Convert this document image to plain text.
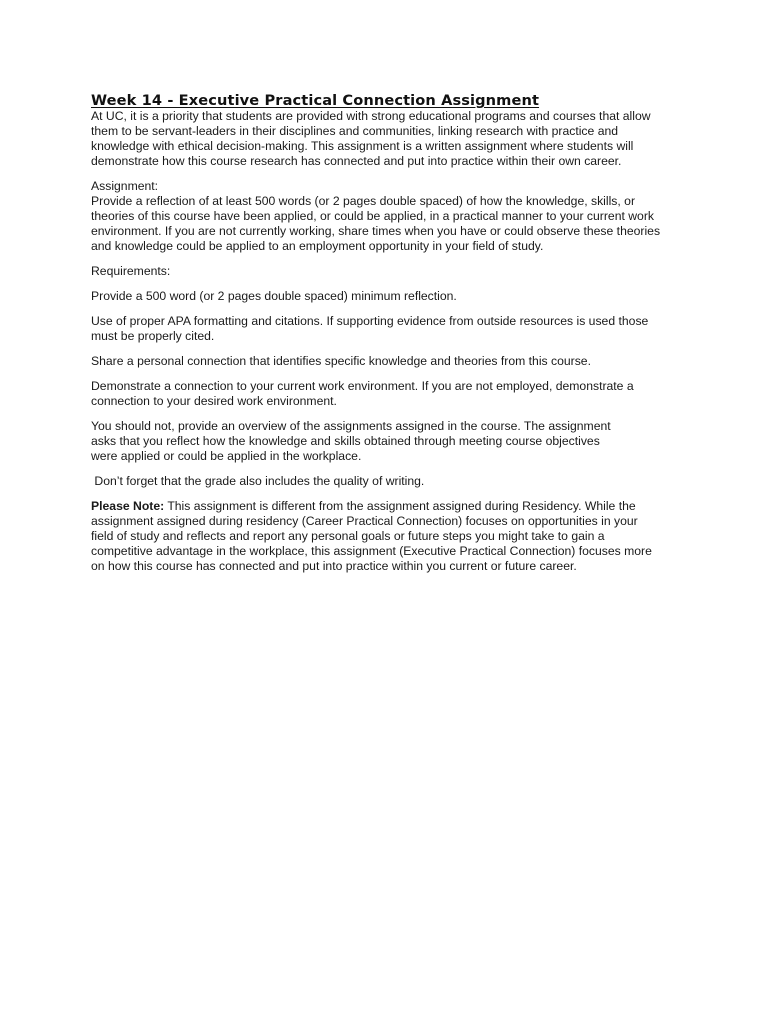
Week 14 - Executive Practical Connection Assignment
At UC, it is a priority that students are provided with strong educational programs and courses that allow
them to be servant-leaders in their disciplines and communities, linking research with practice and
knowledge with ethical decision-making. This assignment is a written assignment where students will
demonstrate how this course research has connected and put into practice within their own career.
Assignment:
Provide a reflection of at least 500 words (or 2 pages double spaced) of how the knowledge, skills, or
theories of this course have been applied, or could be applied, in a practical manner to your current work
environment. If you are not currently working, share times when you have or could observe these theories
and knowledge could be applied to an employment opportunity in your field of study.
Requirements:
Provide a 500 word (or 2 pages double spaced) minimum reflection.
Use of proper APA formatting and citations. If supporting evidence from outside resources is used those
must be properly cited.
Share a personal connection that identifies specific knowledge and theories from this course.
Demonstrate a connection to your current work environment. If you are not employed, demonstrate a
connection to your desired work environment.
You should not, provide an overview of the assignments assigned in the course. The assignment
asks that you reflect how the knowledge and skills obtained through meeting course objectives
were applied or could be applied in the workplace.
Don’t forget that the grade also includes the quality of writing.
Please Note: This assignment is different from the assignment assigned during Residency. While the
assignment assigned during residency (Career Practical Connection) focuses on opportunities in your
field of study and reflects and report any personal goals or future steps you might take to gain a
competitive advantage in the workplace, this assignment (Executive Practical Connection) focuses more
on how this course has connected and put into practice within you current or future career.
